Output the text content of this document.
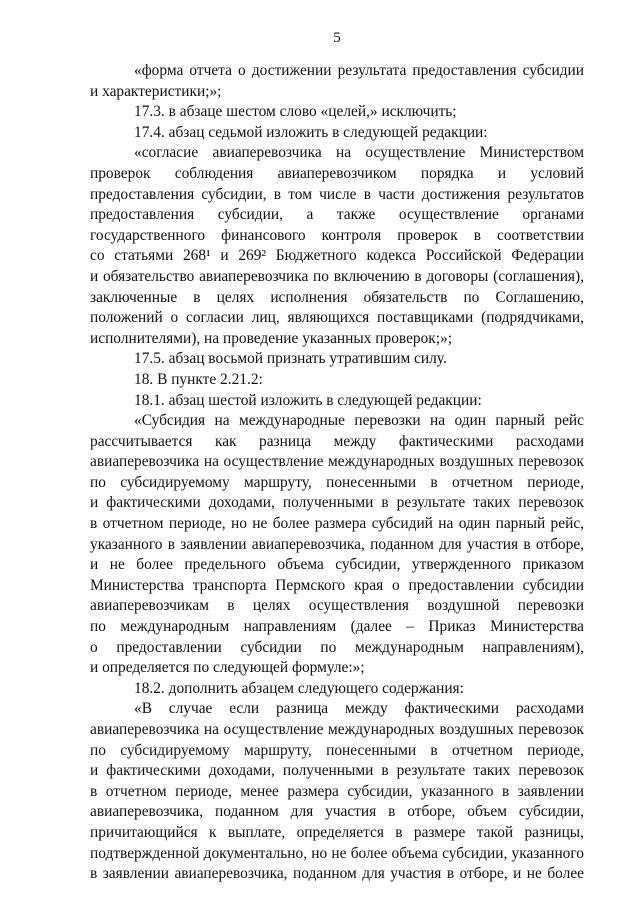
5
«форма отчета о достижении результата предоставления субсидии
и характеристики;»;
17.3. в абзаце шестом слово «целей,» исключить;
17.4. абзац седьмой изложить в следующей редакции:
«согласие авиаперевозчика на осуществление Министерством
проверок соблюдения авиаперевозчиком порядка и условий
предоставления субсидии, в том числе в части достижения результатов
предоставления субсидии, а также осуществление органами
государственного финансового контроля проверок в соответствии
со статьями 268¹ и 269² Бюджетного кодекса Российской Федерации
и обязательство авиаперевозчика по включению в договоры (соглашения),
заключенные в целях исполнения обязательств по Соглашению,
положений о согласии лиц, являющихся поставщиками (подрядчиками,
исполнителями), на проведение указанных проверок;»;
17.5. абзац восьмой признать утратившим силу.
18. В пункте 2.21.2:
18.1. абзац шестой изложить в следующей редакции:
«Субсидия на международные перевозки на один парный рейс
рассчитывается как разница между фактическими расходами
авиаперевозчика на осуществление международных воздушных перевозок
по субсидируемому маршруту, понесенными в отчетном периоде,
и фактическими доходами, полученными в результате таких перевозок
в отчетном периоде, но не более размера субсидий на один парный рейс,
указанного в заявлении авиаперевозчика, поданном для участия в отборе,
и не более предельного объема субсидии, утвержденного приказом
Министерства транспорта Пермского края о предоставлении субсидии
авиаперевозчикам в целях осуществления воздушной перевозки
по международным направлениям (далее – Приказ Министерства
о предоставлении субсидии по международным направлениям),
и определяется по следующей формуле:»;
18.2. дополнить абзацем следующего содержания:
«В случае если разница между фактическими расходами
авиаперевозчика на осуществление международных воздушных перевозок
по субсидируемому маршруту, понесенными в отчетном периоде,
и фактическими доходами, полученными в результате таких перевозок
в отчетном периоде, менее размера субсидии, указанного в заявлении
авиаперевозчика, поданном для участия в отборе, объем субсидии,
причитающийся к выплате, определяется в размере такой разницы,
подтвержденной документально, но не более объема субсидии, указанного
в заявлении авиаперевозчика, поданном для участия в отборе, и не более
